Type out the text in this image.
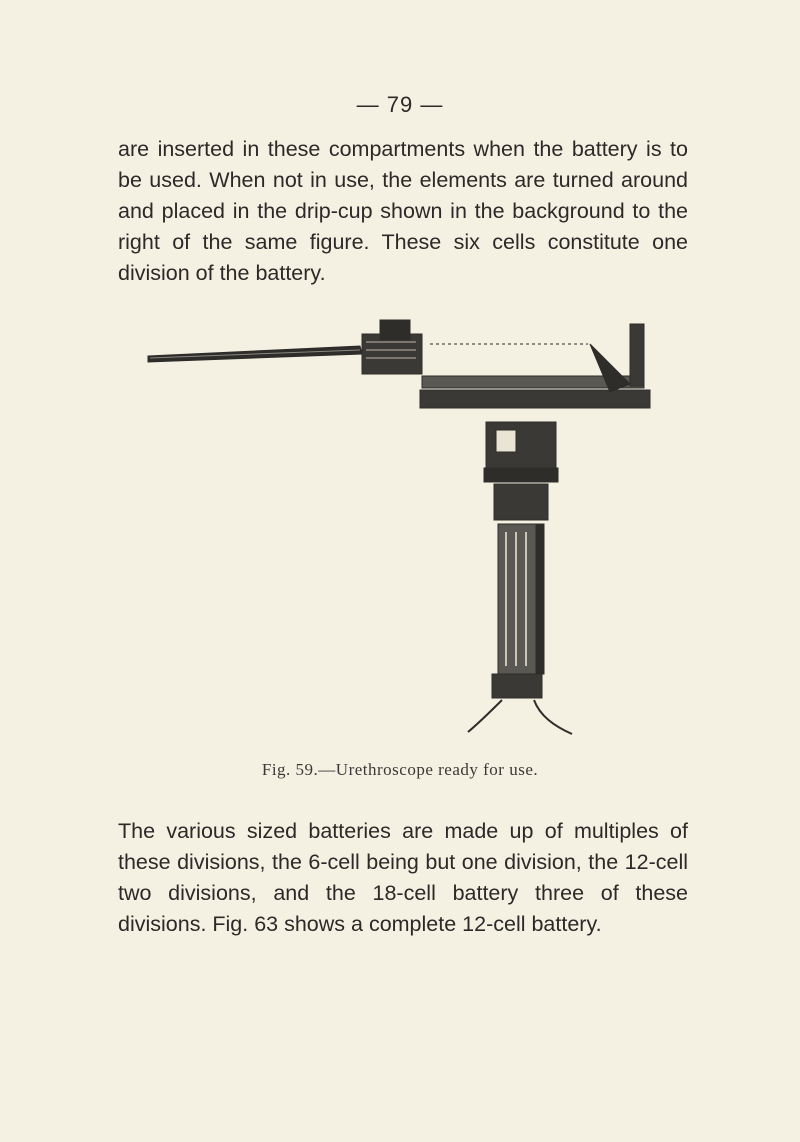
— 79 —

are inserted in these compartments when the battery is to be used. When not in use, the elements are turned around and placed in the drip-cup shown in the background to the right of the same figure. These six cells constitute one division of the battery.

Fig. 59.—Urethroscope ready for use.

The various sized batteries are made up of multiples of these divisions, the 6-cell being but one division, the 12-cell two divisions, and the 18-cell battery three of these divisions. Fig. 63 shows a complete 12-cell battery.
